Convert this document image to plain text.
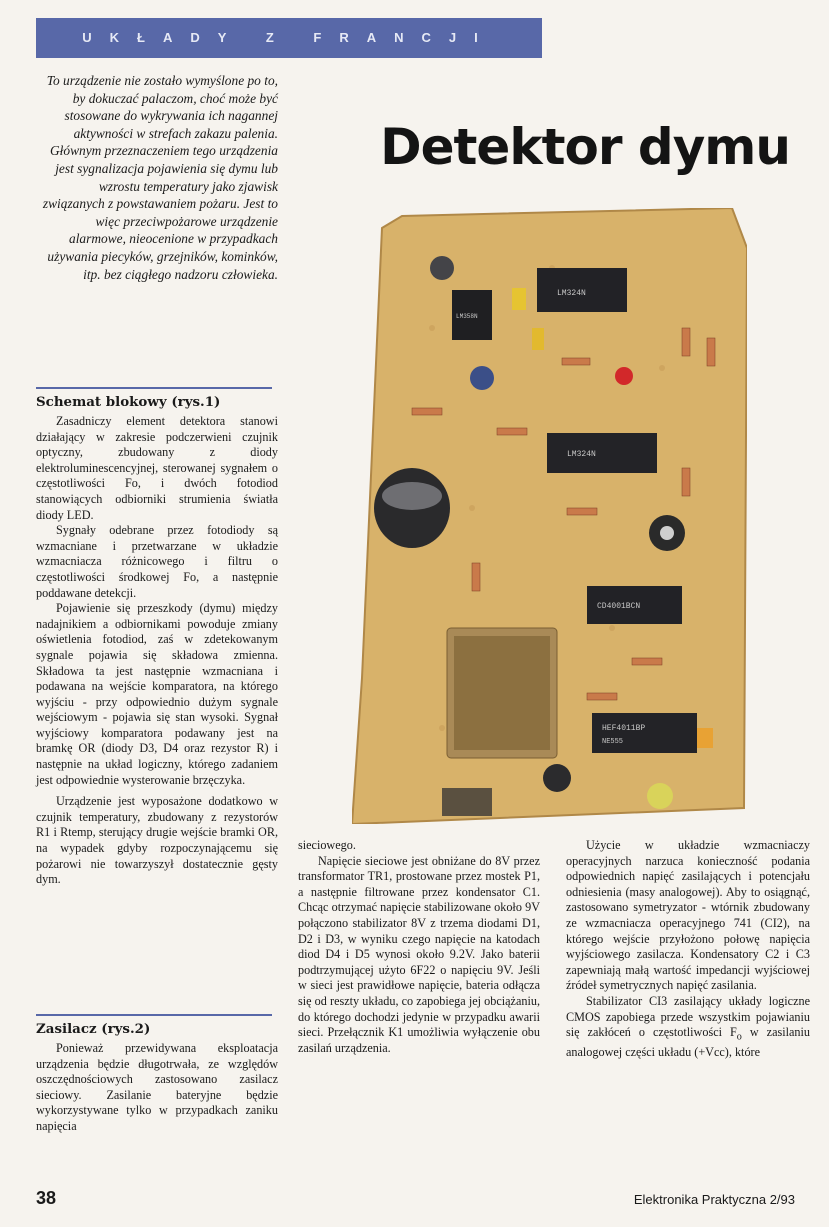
UKŁADY Z FRANCJI
To urządzenie nie zostało wymyślone po to, by dokuczać palaczom, choć może być stosowane do wykrywania ich nagannej aktywności w strefach zakazu palenia. Głównym przeznaczeniem tego urządzenia jest sygnalizacja pojawienia się dymu lub wzrostu temperatury jako zjawisk związanych z powstawaniem pożaru. Jest to więc przeciwpożarowe urządzenie alarmowe, nieocenione w przypadkach używania piecyków, grzejników, kominków, itp. bez ciągłego nadzoru człowieka.
Detektor dymu
LM324N
LM358N
LM324N
CD4001BCN
HEF4011BP
NE555
Schemat blokowy (rys.1)

Zasadniczy element detektora stanowi działający w zakresie podczerwieni czujnik optyczny, zbudowany z diody elektroluminescencyjnej, sterowanej sygnałem o częstotliwości Fo, i dwóch fotodiod stanowiących odbiorniki strumienia światła diody LED.

Sygnały odebrane przez fotodiody są wzmacniane i przetwarzane w układzie wzmacniacza różnicowego i filtru o częstotliwości środkowej Fo, a następnie poddawane detekcji.

Pojawienie się przeszkody (dymu) między nadajnikiem a odbiornikami powoduje zmiany oświetlenia fotodiod, zaś w zdetekowanym sygnale pojawia się składowa zmienna. Składowa ta jest następnie wzmacniana i podawana na wejście komparatora, na którego wyjściu - przy odpowiednio dużym sygnale wejściowym - pojawia się stan wysoki. Sygnał wyjściowy komparatora podawany jest na bramkę OR (diody D3, D4 oraz rezystor R) i następnie na układ logiczny, którego zadaniem jest odpowiednie wysterowanie brzęczyka.

Urządzenie jest wyposażone dodatkowo w czujnik temperatury, zbudowany z rezystorów R1 i Rtemp, sterujący drugie wejście bramki OR, na wypadek gdyby rozpoczynającemu się pożarowi nie towarzyszył dostatecznie gęsty dym.

Zasilacz (rys.2)

Ponieważ przewidywana eksploatacja urządzenia będzie długotrwała, ze względów oszczędnościowych zastosowano zasilacz sieciowy. Zasilanie bateryjne będzie wykorzystywane tylko w przypadkach zaniku napięcia

sieciowego.

Napięcie sieciowe jest obniżane do 8V przez transformator TR1, prostowane przez mostek P1, a następnie filtrowane przez kondensator C1. Chcąc otrzymać napięcie stabilizowane około 9V połączono stabilizator 8V z trzema diodami D1, D2 i D3, w wyniku czego napięcie na katodach diod D4 i D5 wynosi około 9.2V. Jako baterii podtrzymującej użyto 6F22 o napięciu 9V. Jeśli w sieci jest prawidłowe napięcie, bateria odłącza się od reszty układu, co zapobiega jej obciążaniu, do którego dochodzi jedynie w przypadku awarii sieci. Przełącznik K1 umożliwia wyłączenie obu zasilań urządzenia.

Użycie w układzie wzmacniaczy operacyjnych narzuca konieczność podania odpowiednich napięć zasilających i potencjału odniesienia (masy analogowej). Aby to osiągnąć, zastosowano symetryzator - wtórnik zbudowany ze wzmacniacza operacyjnego 741 (CI2), na którego wejście przyłożono połowę napięcia wyjściowego zasilacza. Kondensatory C2 i C3 zapewniają małą wartość impedancji wyjściowej źródeł symetrycznych napięć zasilania.

Stabilizator CI3 zasilający układy logiczne CMOS zapobiega przede wszystkim pojawianiu się zakłóceń o częstotliwości $F_o$ w zasilaniu analogowej części układu (+Vcc), które

38	Elektronika Praktyczna 2/93
